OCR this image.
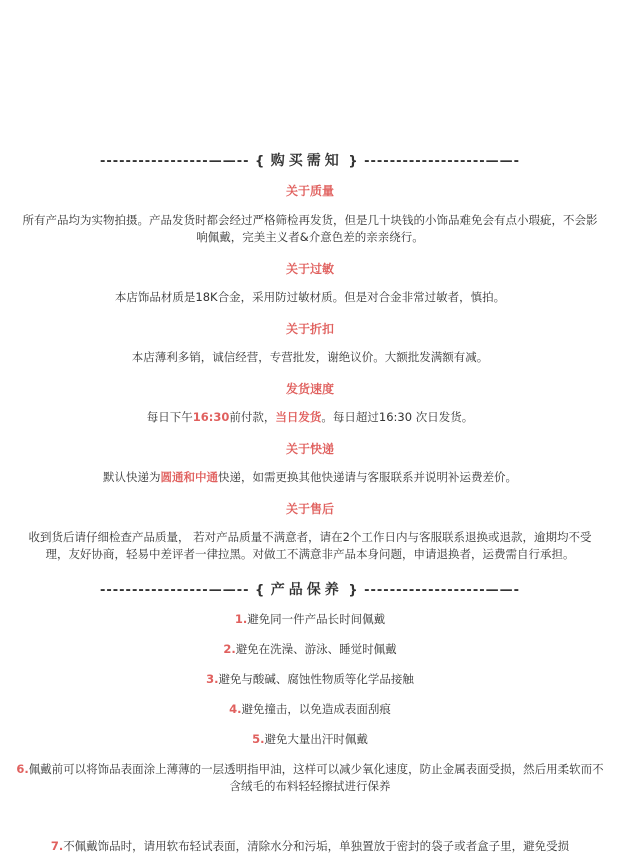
-----------------——-- { 购买需知 } -------------------——-
关于质量
所有产品均为实物拍摄。产品发货时都会经过严格筛检再发货，但是几十块钱的小饰品难免会有点小瑕疵，不会影
响佩戴，完美主义者&介意色差的亲亲绕行。
关于过敏
本店饰品材质是18K合金，采用防过敏材质。但是对合金非常过敏者，慎拍。
关于折扣
本店薄利多销，诚信经营，专营批发，谢绝议价。大额批发满额有减。
发货速度
每日下午16:30前付款，当日发货。每日超过16:30 次日发货。
关于快递
默认快递为圆通和中通快递，如需更换其他快递请与客服联系并说明补运费差价。
关于售后
收到货后请仔细检查产品质量， 若对产品质量不满意者，请在2个工作日内与客服联系退换或退款，逾期均不受
理，友好协商，轻易中差评者一律拉黑。对做工不满意非产品本身问题，申请退换者，运费需自行承担。
-----------------——-- { 产品保养 } -------------------——-
1.避免同一件产品长时间佩戴
2.避免在洗澡、游泳、睡觉时佩戴
3.避免与酸碱、腐蚀性物质等化学品接触
4.避免撞击，以免造成表面刮痕
5.避免大量出汗时佩戴
6.佩戴前可以将饰品表面涂上薄薄的一层透明指甲油，这样可以减少氧化速度，防止金属表面受损，然后用柔软而不
含绒毛的布料轻轻擦拭进行保养
7.不佩戴饰品时，请用软布轻试表面，清除水分和污垢，单独置放于密封的袋子或者盒子里，避免受损
